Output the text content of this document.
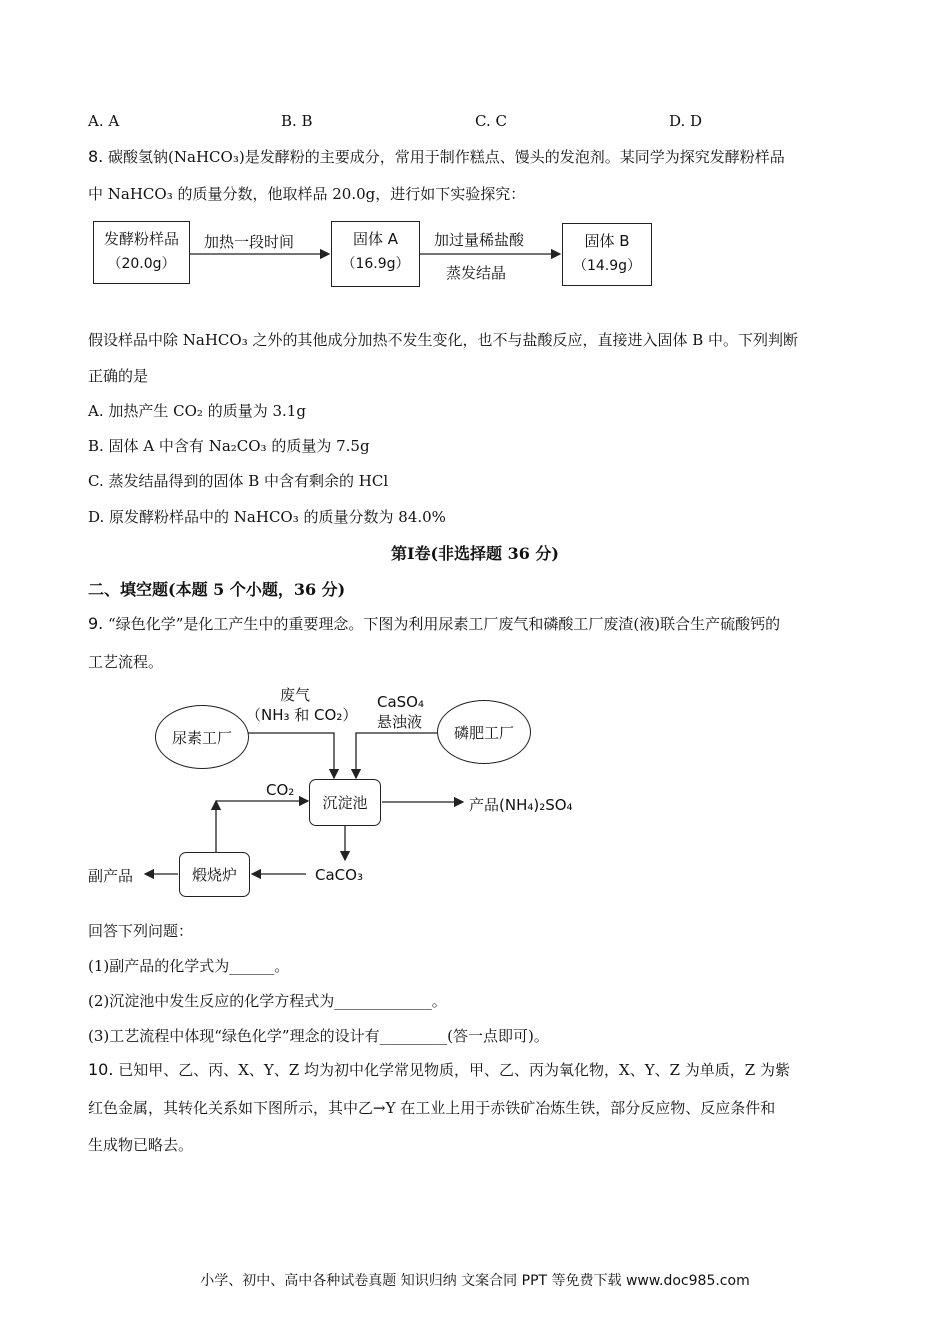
A. A	B. B	C. C	D. D
8. 碳酸氢钠(NaHCO₃)是发酵粉的主要成分，常用于制作糕点、馒头的发泡剂。某同学为探究发酵粉样品
中 NaHCO₃ 的质量分数，他取样品 20.0g，进行如下实验探究：
发酵粉样品
（20.0g）
加热一段时间	固体 A
（16.9g）
加过量稀盐酸
蒸发结晶
固体 B
（14.9g）
假设样品中除 NaHCO₃ 之外的其他成分加热不发生变化，也不与盐酸反应，直接进入固体 B 中。下列判断
正确的是
A. 加热产生 CO₂ 的质量为 3.1g
B. 固体 A 中含有 Na₂CO₃ 的质量为 7.5g
C. 蒸发结晶得到的固体 B 中含有剩余的 HCl
D. 原发酵粉样品中的 NaHCO₃ 的质量分数为 84.0%
第Ⅰ卷(非选择题 36 分)
二、填空题(本题 5 个小题，36 分)
9. “绿色化学”是化工产生中的重要理念。下图为利用尿素工厂废气和磷酸工厂废渣(液)联合生产硫酸钙的
工艺流程。
废气
（NH₃ 和 CO₂）
CaSO₄
悬浊液
尿素工厂	磷肥工厂
CO₂
沉淀池	产品(NH₄)₂SO₄
CaCO₃
煅烧炉
副产品
回答下列问题：
(1)副产品的化学式为______。
(2)沉淀池中发生反应的化学方程式为_____________。
(3)工艺流程中体现“绿色化学”理念的设计有_________(答一点即可)。
10. 已知甲、乙、丙、X、Y、Z 均为初中化学常见物质，甲、乙、丙为氧化物，X、Y、Z 为单质，Z 为紫
红色金属，其转化关系如下图所示，其中乙→Y 在工业上用于赤铁矿冶炼生铁，部分反应物、反应条件和
生成物已略去。
小学、初中、高中各种试卷真题 知识归纳 文案合同 PPT 等免费下载 www.doc985.com
